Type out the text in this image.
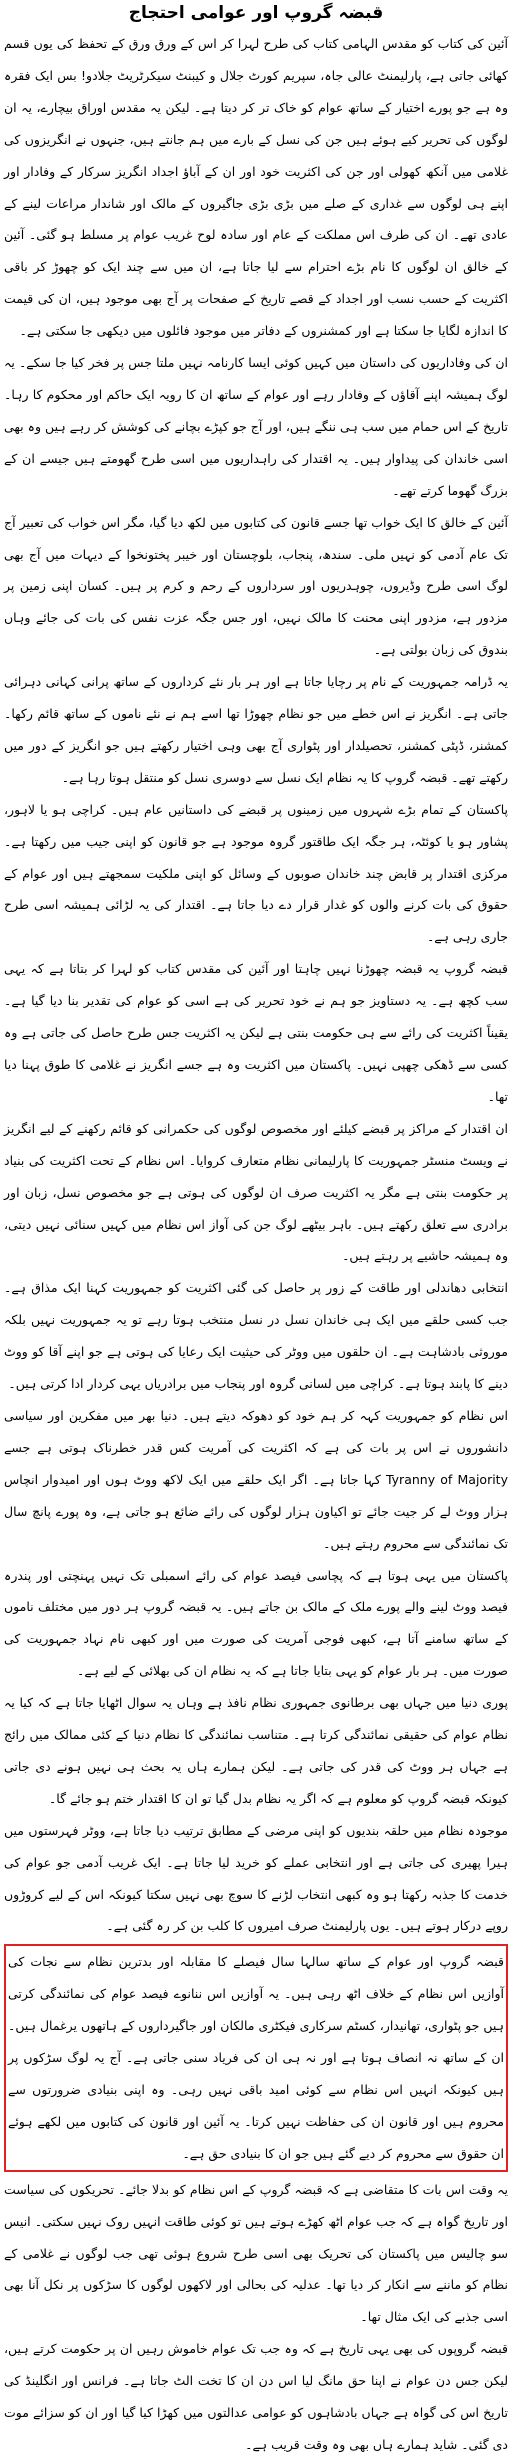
قبضہ گروپ اور عوامی احتجاج

آئین کی کتاب کو مقدس الہامی کتاب کی طرح لہرا کر اس کے ورق ورق کے تحفظ کی یوں قسم کھائی جاتی ہے، پارلیمنٹ عالی جاہ، سپریم کورٹ جلال و کیبنٹ سیکرٹریٹ جلادو! بس ایک فقرہ وہ ہے جو پورے اختیار کے ساتھ عوام کو خاک تر کر دیتا ہے۔ لیکن یہ مقدس اوراق بیچارے، یہ ان لوگوں کی تحریر کیے ہوئے ہیں جن کی نسل کے بارے میں ہم جانتے ہیں، جنہوں نے انگریزوں کی غلامی میں آنکھ کھولی اور جن کی اکثریت خود اور ان کے آباؤ اجداد انگریز سرکار کے وفادار اور اپنے ہی لوگوں سے غداری کے صلے میں بڑی بڑی جاگیروں کے مالک اور شاندار مراعات لینے کے عادی تھے۔ ان کی طرف اس مملکت کے عام اور سادہ لوح غریب عوام پر مسلط ہو گئی۔ آئین کے خالق ان لوگوں کا نام بڑے احترام سے لیا جاتا ہے، ان میں سے چند ایک کو چھوڑ کر باقی اکثریت کے حسب نسب اور اجداد کے قصے تاریخ کے صفحات پر آج بھی موجود ہیں، ان کی قیمت کا اندازہ لگایا جا سکتا ہے اور کمشنروں کے دفاتر میں موجود فائلوں میں دیکھی جا سکتی ہے۔

ان کی وفاداریوں کی داستان میں کہیں کوئی ایسا کارنامہ نہیں ملتا جس پر فخر کیا جا سکے۔ یہ لوگ ہمیشہ اپنے آقاؤں کے وفادار رہے اور عوام کے ساتھ ان کا رویہ ایک حاکم اور محکوم کا رہا۔ تاریخ کے اس حمام میں سب ہی ننگے ہیں، اور آج جو کپڑے بچانے کی کوشش کر رہے ہیں وہ بھی اسی خاندان کی پیداوار ہیں۔ یہ اقتدار کی راہداریوں میں اسی طرح گھومتے ہیں جیسے ان کے بزرگ گھوما کرتے تھے۔

آئین کے خالق کا ایک خواب تھا جسے قانون کی کتابوں میں لکھ دیا گیا، مگر اس خواب کی تعبیر آج تک عام آدمی کو نہیں ملی۔ سندھ، پنجاب، بلوچستان اور خیبر پختونخوا کے دیہات میں آج بھی لوگ اسی طرح وڈیروں، چوہدریوں اور سرداروں کے رحم و کرم پر ہیں۔ کسان اپنی زمین پر مزدور ہے، مزدور اپنی محنت کا مالک نہیں، اور جس جگہ عزت نفس کی بات کی جائے وہاں بندوق کی زبان بولتی ہے۔

یہ ڈرامہ جمہوریت کے نام پر رچایا جاتا ہے اور ہر بار نئے کرداروں کے ساتھ پرانی کہانی دہرائی جاتی ہے۔ انگریز نے اس خطے میں جو نظام چھوڑا تھا اسے ہم نے نئے ناموں کے ساتھ قائم رکھا۔ کمشنر، ڈپٹی کمشنر، تحصیلدار اور پٹواری آج بھی وہی اختیار رکھتے ہیں جو انگریز کے دور میں رکھتے تھے۔ قبضہ گروپ کا یہ نظام ایک نسل سے دوسری نسل کو منتقل ہوتا رہا ہے۔

پاکستان کے تمام بڑے شہروں میں زمینوں پر قبضے کی داستانیں عام ہیں۔ کراچی ہو یا لاہور، پشاور ہو یا کوئٹہ، ہر جگہ ایک طاقتور گروہ موجود ہے جو قانون کو اپنی جیب میں رکھتا ہے۔ مرکزی اقتدار پر قابض چند خاندان صوبوں کے وسائل کو اپنی ملکیت سمجھتے ہیں اور عوام کے حقوق کی بات کرنے والوں کو غدار قرار دے دیا جاتا ہے۔ اقتدار کی یہ لڑائی ہمیشہ اسی طرح جاری رہی ہے۔

قبضہ گروپ یہ قبضہ چھوڑنا نہیں چاہتا اور آئین کی مقدس کتاب کو لہرا کر بتاتا ہے کہ یہی سب کچھ ہے۔ یہ دستاویز جو ہم نے خود تحریر کی ہے اسی کو عوام کی تقدیر بنا دیا گیا ہے۔ یقیناً اکثریت کی رائے سے ہی حکومت بنتی ہے لیکن یہ اکثریت جس طرح حاصل کی جاتی ہے وہ کسی سے ڈھکی چھپی نہیں۔ پاکستان میں اکثریت وہ ہے جسے انگریز نے غلامی کا طوق پہنا دیا تھا۔

ان اقتدار کے مراکز پر قبضے کیلئے اور مخصوص لوگوں کی حکمرانی کو قائم رکھنے کے لیے انگریز نے ویسٹ منسٹر جمہوریت کا پارلیمانی نظام متعارف کروایا۔ اس نظام کے تحت اکثریت کی بنیاد پر حکومت بنتی ہے مگر یہ اکثریت صرف ان لوگوں کی ہوتی ہے جو مخصوص نسل، زبان اور برادری سے تعلق رکھتے ہیں۔ باہر بیٹھے لوگ جن کی آواز اس نظام میں کہیں سنائی نہیں دیتی، وہ ہمیشہ حاشیے پر رہتے ہیں۔

انتخابی دھاندلی اور طاقت کے زور پر حاصل کی گئی اکثریت کو جمہوریت کہنا ایک مذاق ہے۔ جب کسی حلقے میں ایک ہی خاندان نسل در نسل منتخب ہوتا رہے تو یہ جمہوریت نہیں بلکہ موروثی بادشاہت ہے۔ ان حلقوں میں ووٹر کی حیثیت ایک رعایا کی ہوتی ہے جو اپنے آقا کو ووٹ دینے کا پابند ہوتا ہے۔ کراچی میں لسانی گروہ اور پنجاب میں برادریاں یہی کردار ادا کرتی ہیں۔

اس نظام کو جمہوریت کہہ کر ہم خود کو دھوکہ دیتے ہیں۔ دنیا بھر میں مفکرین اور سیاسی دانشوروں نے اس پر بات کی ہے کہ اکثریت کی آمریت کس قدر خطرناک ہوتی ہے جسے Tyranny of Majority کہا جاتا ہے۔ اگر ایک حلقے میں ایک لاکھ ووٹ ہوں اور امیدوار انچاس ہزار ووٹ لے کر جیت جائے تو اکیاون ہزار لوگوں کی رائے ضائع ہو جاتی ہے، وہ پورے پانچ سال تک نمائندگی سے محروم رہتے ہیں۔

پاکستان میں یہی ہوتا ہے کہ پچاسی فیصد عوام کی رائے اسمبلی تک نہیں پہنچتی اور پندرہ فیصد ووٹ لینے والے پورے ملک کے مالک بن جاتے ہیں۔ یہ قبضہ گروپ ہر دور میں مختلف ناموں کے ساتھ سامنے آتا ہے، کبھی فوجی آمریت کی صورت میں اور کبھی نام نہاد جمہوریت کی صورت میں۔ ہر بار عوام کو یہی بتایا جاتا ہے کہ یہ نظام ان کی بھلائی کے لیے ہے۔

پوری دنیا میں جہاں بھی برطانوی جمہوری نظام نافذ ہے وہاں یہ سوال اٹھایا جاتا ہے کہ کیا یہ نظام عوام کی حقیقی نمائندگی کرتا ہے۔ متناسب نمائندگی کا نظام دنیا کے کئی ممالک میں رائج ہے جہاں ہر ووٹ کی قدر کی جاتی ہے۔ لیکن ہمارے ہاں یہ بحث ہی نہیں ہونے دی جاتی کیونکہ قبضہ گروپ کو معلوم ہے کہ اگر یہ نظام بدل گیا تو ان کا اقتدار ختم ہو جائے گا۔

موجودہ نظام میں حلقہ بندیوں کو اپنی مرضی کے مطابق ترتیب دیا جاتا ہے، ووٹر فہرستوں میں ہیرا پھیری کی جاتی ہے اور انتخابی عملے کو خرید لیا جاتا ہے۔ ایک غریب آدمی جو عوام کی خدمت کا جذبہ رکھتا ہو وہ کبھی انتخاب لڑنے کا سوچ بھی نہیں سکتا کیونکہ اس کے لیے کروڑوں روپے درکار ہوتے ہیں۔ یوں پارلیمنٹ صرف امیروں کا کلب بن کر رہ گئی ہے۔

قبضہ گروپ اور عوام کے ساتھ سالہا سال فیصلے کا مقابلہ اور بدترین نظام سے نجات کی آوازیں اس نظام کے خلاف اٹھ رہی ہیں۔ یہ آوازیں اس ننانوے فیصد عوام کی نمائندگی کرتی ہیں جو پٹواری، تھانیدار، کسٹم سرکاری فیکٹری مالکان اور جاگیرداروں کے ہاتھوں یرغمال ہیں۔ ان کے ساتھ نہ انصاف ہوتا ہے اور نہ ہی ان کی فریاد سنی جاتی ہے۔ آج یہ لوگ سڑکوں پر ہیں کیونکہ انہیں اس نظام سے کوئی امید باقی نہیں رہی۔ وہ اپنی بنیادی ضرورتوں سے محروم ہیں اور قانون ان کی حفاظت نہیں کرتا۔ یہ آئین اور قانون کی کتابوں میں لکھے ہوئے ان حقوق سے محروم کر دیے گئے ہیں جو ان کا بنیادی حق ہے۔

یہ وقت اس بات کا متقاضی ہے کہ قبضہ گروپ کے اس نظام کو بدلا جائے۔ تحریکوں کی سیاست اور تاریخ گواہ ہے کہ جب عوام اٹھ کھڑے ہوتے ہیں تو کوئی طاقت انہیں روک نہیں سکتی۔ انیس سو چالیس میں پاکستان کی تحریک بھی اسی طرح شروع ہوئی تھی جب لوگوں نے غلامی کے نظام کو ماننے سے انکار کر دیا تھا۔ عدلیہ کی بحالی اور لاکھوں لوگوں کا سڑکوں پر نکل آنا بھی اسی جذبے کی ایک مثال تھا۔

قبضہ گروپوں کی بھی یہی تاریخ ہے کہ وہ جب تک عوام خاموش رہیں ان پر حکومت کرتے ہیں، لیکن جس دن عوام نے اپنا حق مانگ لیا اس دن ان کا تخت الٹ جاتا ہے۔ فرانس اور انگلینڈ کی تاریخ اس کی گواہ ہے جہاں بادشاہوں کو عوامی عدالتوں میں کھڑا کیا گیا اور ان کو سزائے موت دی گئی۔ شاید ہمارے ہاں بھی وہ وقت قریب ہے۔
